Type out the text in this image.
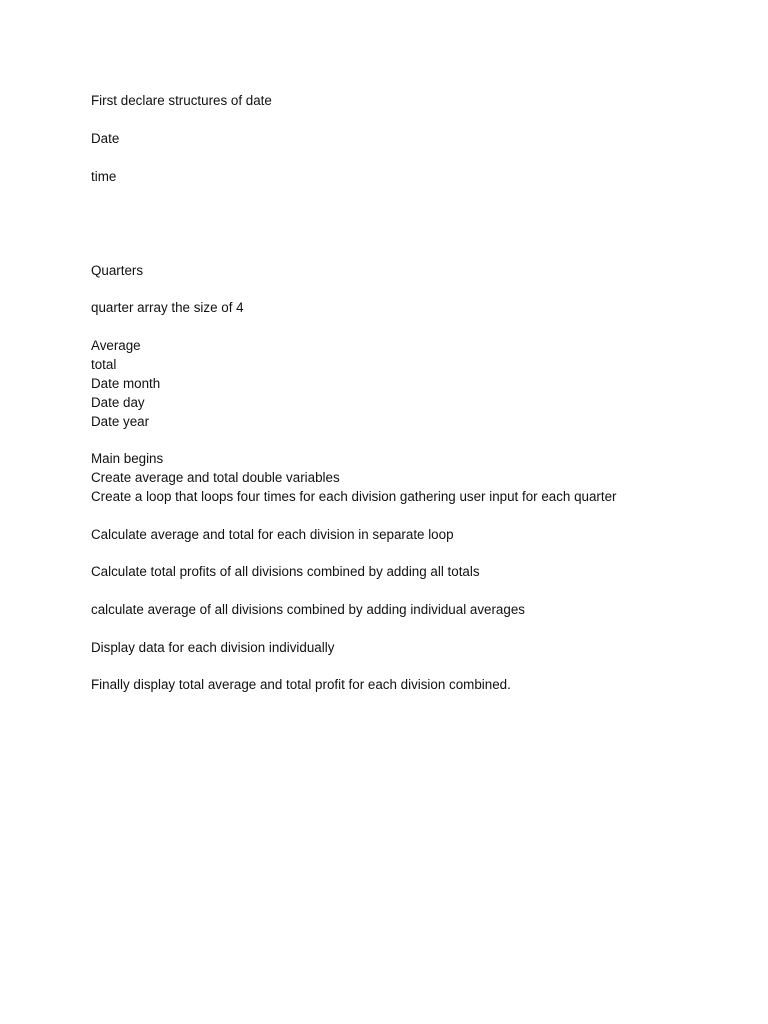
First declare structures of date

Date

time

Quarters

quarter array the size of 4

Average

total

Date month

Date day

Date year

Main begins

Create average and total double variables

Create a loop that loops four times for each division gathering user input for each quarter

Calculate average and total for each division in separate loop

Calculate total profits of all divisions combined by adding all totals

calculate average of all divisions combined by adding individual averages

Display data for each division individually

Finally display total average and total profit for each division combined.
